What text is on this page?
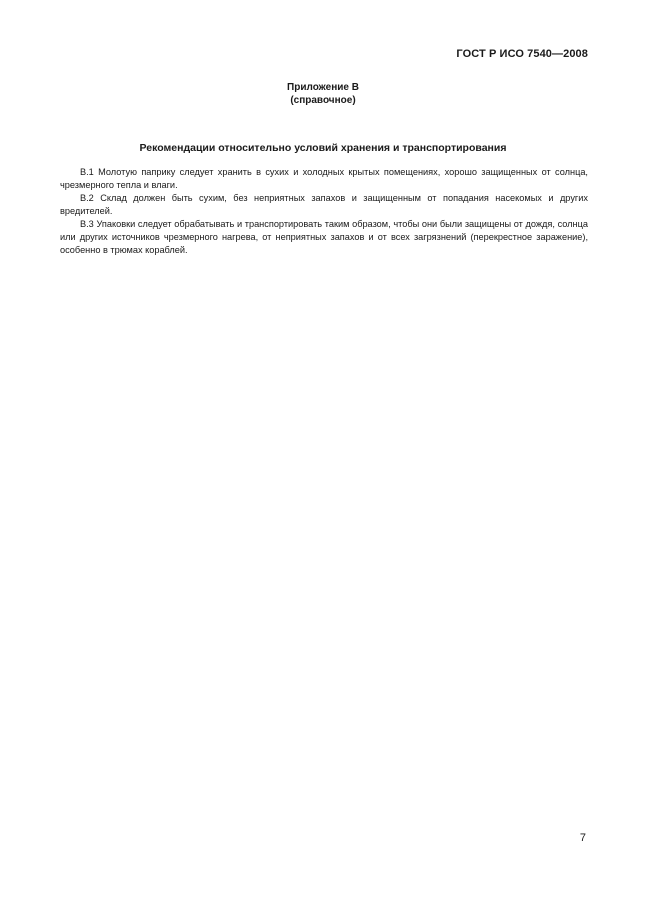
ГОСТ Р ИСО 7540—2008
Приложение В
(справочное)
Рекомендации относительно условий хранения и транспортирования

В.1 Молотую паприку следует хранить в сухих и холодных крытых помещениях, хорошо защищенных от солнца, чрезмерного тепла и влаги.

В.2 Склад должен быть сухим, без неприятных запахов и защищенным от попадания насекомых и других вредителей.

В.3 Упаковки следует обрабатывать и транспортировать таким образом, чтобы они были защищены от дождя, солнца или других источников чрезмерного нагрева, от неприятных запахов и от всех загрязнений (перекрестное заражение), особенно в трюмах кораблей.

7
